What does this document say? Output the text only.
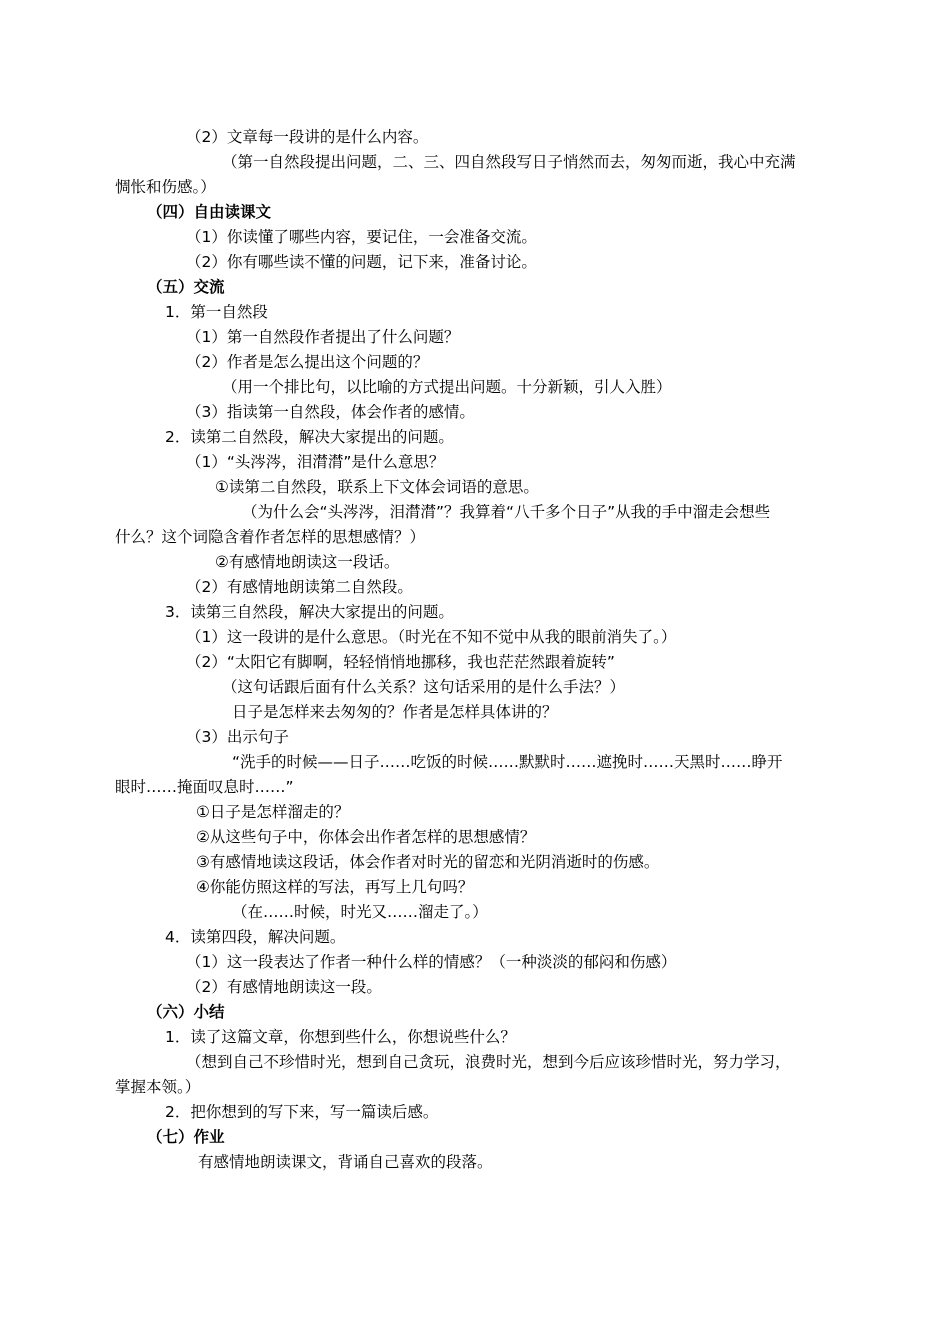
（2）文章每一段讲的是什么内容。
（第一自然段提出问题，二、三、四自然段写日子悄然而去，匆匆而逝，我心中充满
惆怅和伤感。）
（四）自由读课文
（1）你读懂了哪些内容，要记住，一会准备交流。
（2）你有哪些读不懂的问题，记下来，准备讨论。
（五）交流
1．第一自然段
（1）第一自然段作者提出了什么问题？
（2）作者是怎么提出这个问题的？
（用一个排比句，以比喻的方式提出问题。十分新颖，引人入胜）
（3）指读第一自然段，体会作者的感情。
2．读第二自然段，解决大家提出的问题。
（1）“头涔涔，泪潸潸”是什么意思？
①读第二自然段，联系上下文体会词语的意思。
（为什么会“头涔涔，泪潸潸”？我算着“八千多个日子”从我的手中溜走会想些
什么？这个词隐含着作者怎样的思想感情？）
②有感情地朗读这一段话。
（2）有感情地朗读第二自然段。
3．读第三自然段，解决大家提出的问题。
（1）这一段讲的是什么意思。（时光在不知不觉中从我的眼前消失了。）
（2）“太阳它有脚啊，轻轻悄悄地挪移，我也茫茫然跟着旋转”
（这句话跟后面有什么关系？这句话采用的是什么手法？）
日子是怎样来去匆匆的？作者是怎样具体讲的？
（3）出示句子
“洗手的时候——日子……吃饭的时候……默默时……遮挽时……天黑时……睁开
眼时……掩面叹息时……”
①日子是怎样溜走的？
②从这些句子中，你体会出作者怎样的思想感情？
③有感情地读这段话，体会作者对时光的留恋和光阴消逝时的伤感。
④你能仿照这样的写法，再写上几句吗？
（在……时候，时光又……溜走了。）
4．读第四段，解决问题。
（1）这一段表达了作者一种什么样的情感？（一种淡淡的郁闷和伤感）
（2）有感情地朗读这一段。
（六）小结
1．读了这篇文章，你想到些什么，你想说些什么？
（想到自己不珍惜时光，想到自己贪玩，浪费时光，想到今后应该珍惜时光，努力学习，
掌握本领。）
2．把你想到的写下来，写一篇读后感。
（七）作业
有感情地朗读课文，背诵自己喜欢的段落。
